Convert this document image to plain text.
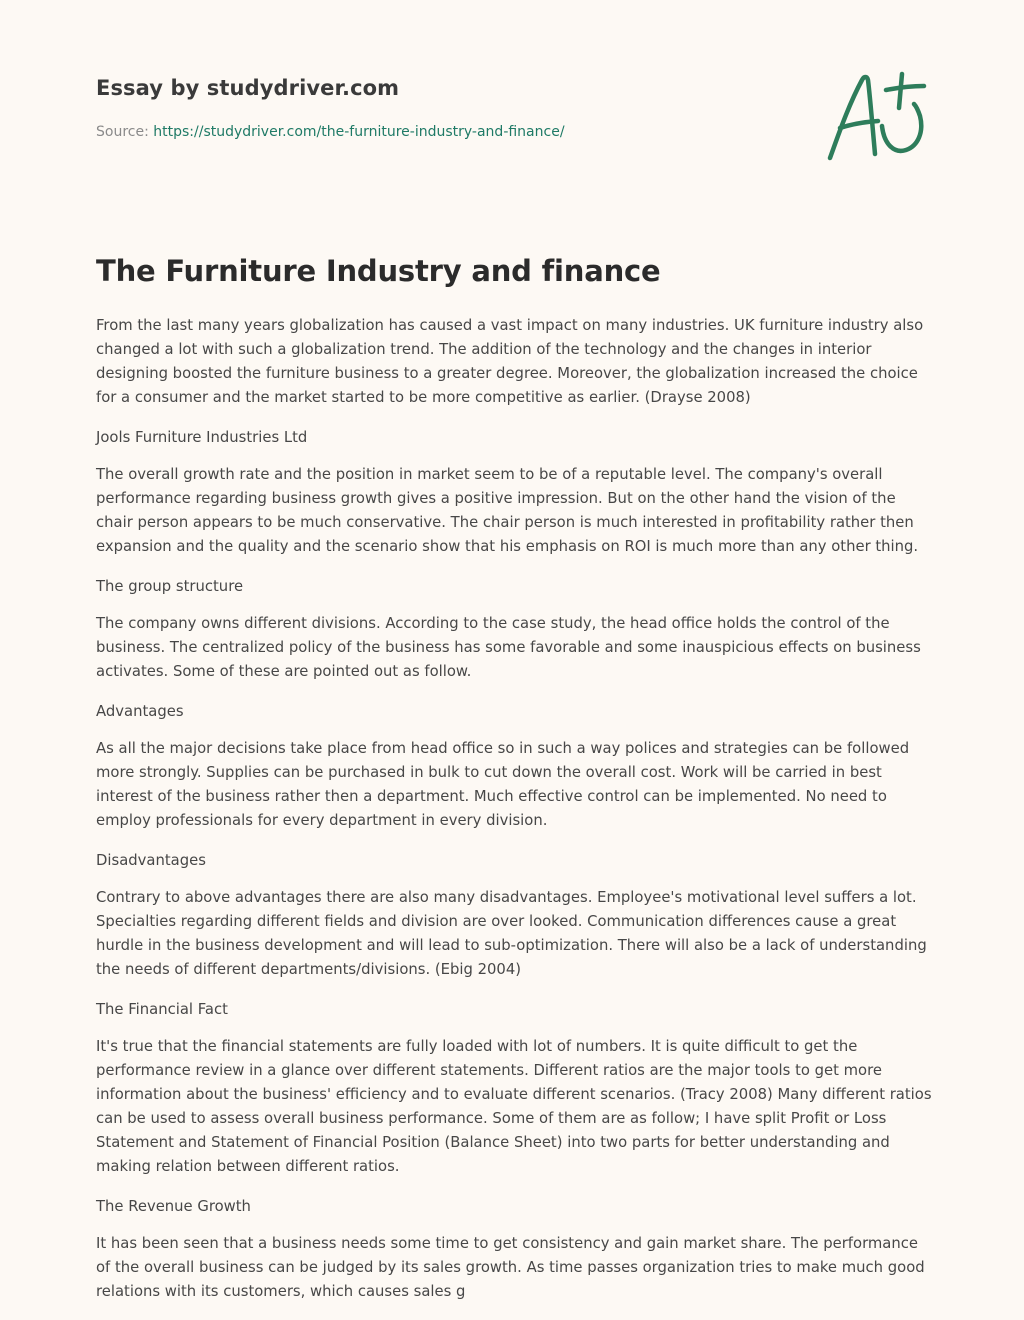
Essay by studydriver.com
Source: https://studydriver.com/the-furniture-industry-and-finance/
The Furniture Industry and finance

From the last many years globalization has caused a vast impact on many industries. UK furniture industry also changed a lot with such a globalization trend. The addition of the technology and the changes in interior designing boosted the furniture business to a greater degree. Moreover, the globalization increased the choice for a consumer and the market started to be more competitive as earlier. (Drayse 2008)

Jools Furniture Industries Ltd

The overall growth rate and the position in market seem to be of a reputable level. The company's overall performance regarding business growth gives a positive impression. But on the other hand the vision of the chair person appears to be much conservative. The chair person is much interested in profitability rather then expansion and the quality and the scenario show that his emphasis on ROI is much more than any other thing.

The group structure

The company owns different divisions. According to the case study, the head office holds the control of the business. The centralized policy of the business has some favorable and some inauspicious effects on business activates. Some of these are pointed out as follow.

Advantages

As all the major decisions take place from head office so in such a way polices and strategies can be followed more strongly. Supplies can be purchased in bulk to cut down the overall cost. Work will be carried in best interest of the business rather then a department. Much effective control can be implemented. No need to employ professionals for every department in every division.

Disadvantages

Contrary to above advantages there are also many disadvantages. Employee's motivational level suffers a lot. Specialties regarding different fields and division are over looked. Communication differences cause a great hurdle in the business development and will lead to sub-optimization. There will also be a lack of understanding the needs of different departments/divisions. (Ebig 2004)

The Financial Fact

It's true that the financial statements are fully loaded with lot of numbers. It is quite difficult to get the performance review in a glance over different statements. Different ratios are the major tools to get more information about the business' efficiency and to evaluate different scenarios. (Tracy 2008) Many different ratios can be used to assess overall business performance. Some of them are as follow; I have split Profit or Loss Statement and Statement of Financial Position (Balance Sheet) into two parts for better understanding and making relation between different ratios.

The Revenue Growth

It has been seen that a business needs some time to get consistency and gain market share. The performance of the overall business can be judged by its sales growth. As time passes organization tries to make much good relations with its customers, which causes sales g
